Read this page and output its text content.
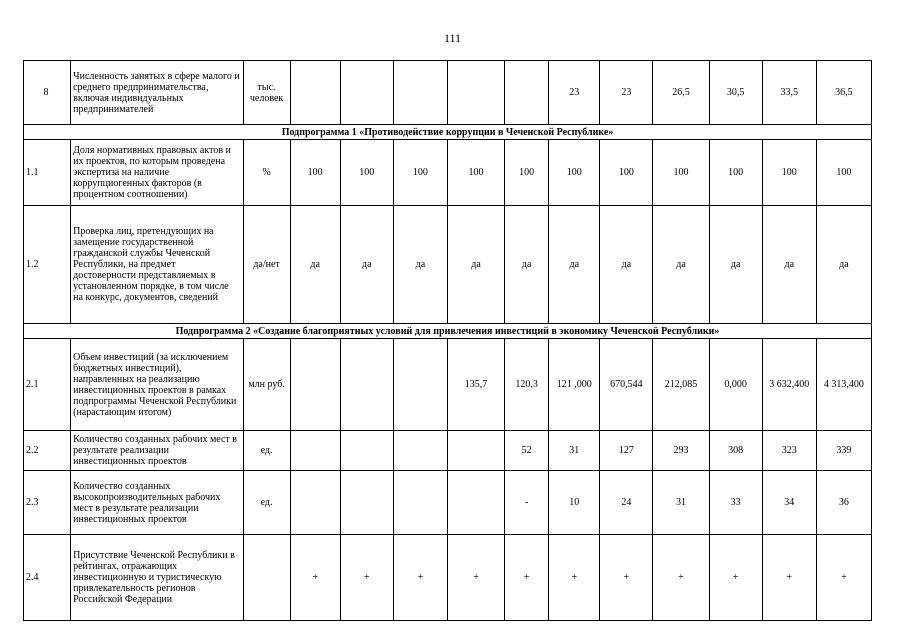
111
8	Численность занятых в сфере малого и среднего предпринимательства, включая индивидуальных предпринимателей	тыс. человек						23	23	26,5	30,5	33,5	36,5
Подпрограмма 1 «Противодействие коррупции в Чеченской Республике»													
1.1	Доля нормативных правовых актов и их проектов, по которым проведена экспертиза на наличие коррупциогенных факторов (в процентном соотношении)	%	100	100	100	100	100	100	100	100	100	100	100
1.2	Проверка лиц, претендующих на замещение государственной гражданской службы Чеченской Республики, на предмет достоверности представляемых в установленном порядке, в том числе на конкурс, документов, сведений	да/нет	да	да	да	да	да	да	да	да	да	да	да
Подпрограмма 2 «Создание благоприятных условий для привлечения инвестиций в экономику Чеченской Республики»													
2.1	Объем инвестиций (за исключением бюджетных инвестиций), направленных на реализацию инвестиционных проектов в рамках подпрограммы Чеченской Республики (нарастающим итогом)	млн руб.				135,7	120,3	121 ,000	670,544	212,085	0,000	3 632,400	4 313,400
2.2	Количество созданных рабочих мест в результате реализации инвестиционных проектов	ед.					52	31	127	293	308	323	339
2.3	Количество созданных высокопроизводительных рабочих мест в результате реализации инвестиционных проектов	ед.					-	10	24	31	33	34	36
2.4	Присутствие Чеченской Республики в рейтингах, отражающих инвестиционную и туристическую привлекательность регионов Российской Федерации		+	+	+	+	+	+	+	+	+	+	+
